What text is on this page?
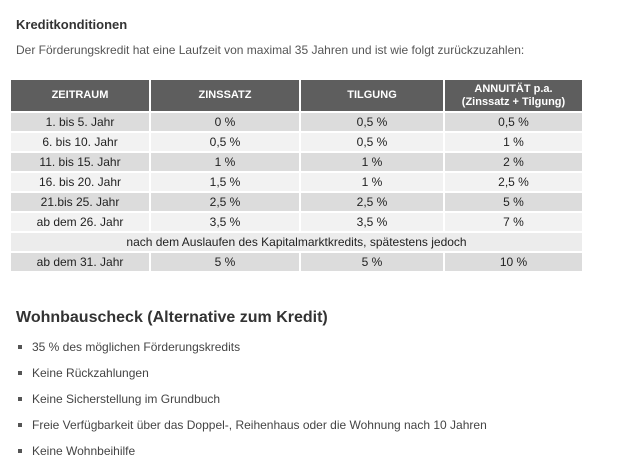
Kreditkonditionen
Der Förderungskredit hat eine Laufzeit von maximal 35 Jahren und ist wie folgt zurückzuzahlen:
ZEITRAUM	ZINSSATZ	TILGUNG	ANNUITÄT p.a.
(Zinssatz + Tilgung)
1. bis 5. Jahr	0 %	0,5 %	0,5 %
6. bis 10. Jahr	0,5 %	0,5 %	1 %
11. bis 15. Jahr	1 %	1 %	2 %
16. bis 20. Jahr	1,5 %	1 %	2,5 %
21.bis 25. Jahr	2,5 %	2,5 %	5 %
ab dem 26. Jahr	3,5 %	3,5 %	7 %
nach dem Auslaufen des Kapitalmarktkredits, spätestens jedoch			
ab dem 31. Jahr	5 %	5 %	10 %
Wohnbauscheck (Alternative zum Kredit)
35 % des möglichen Förderungskredits
Keine Rückzahlungen
Keine Sicherstellung im Grundbuch
Freie Verfügbarkeit über das Doppel-, Reihenhaus oder die Wohnung nach 10 Jahren
Keine Wohnbeihilfe
